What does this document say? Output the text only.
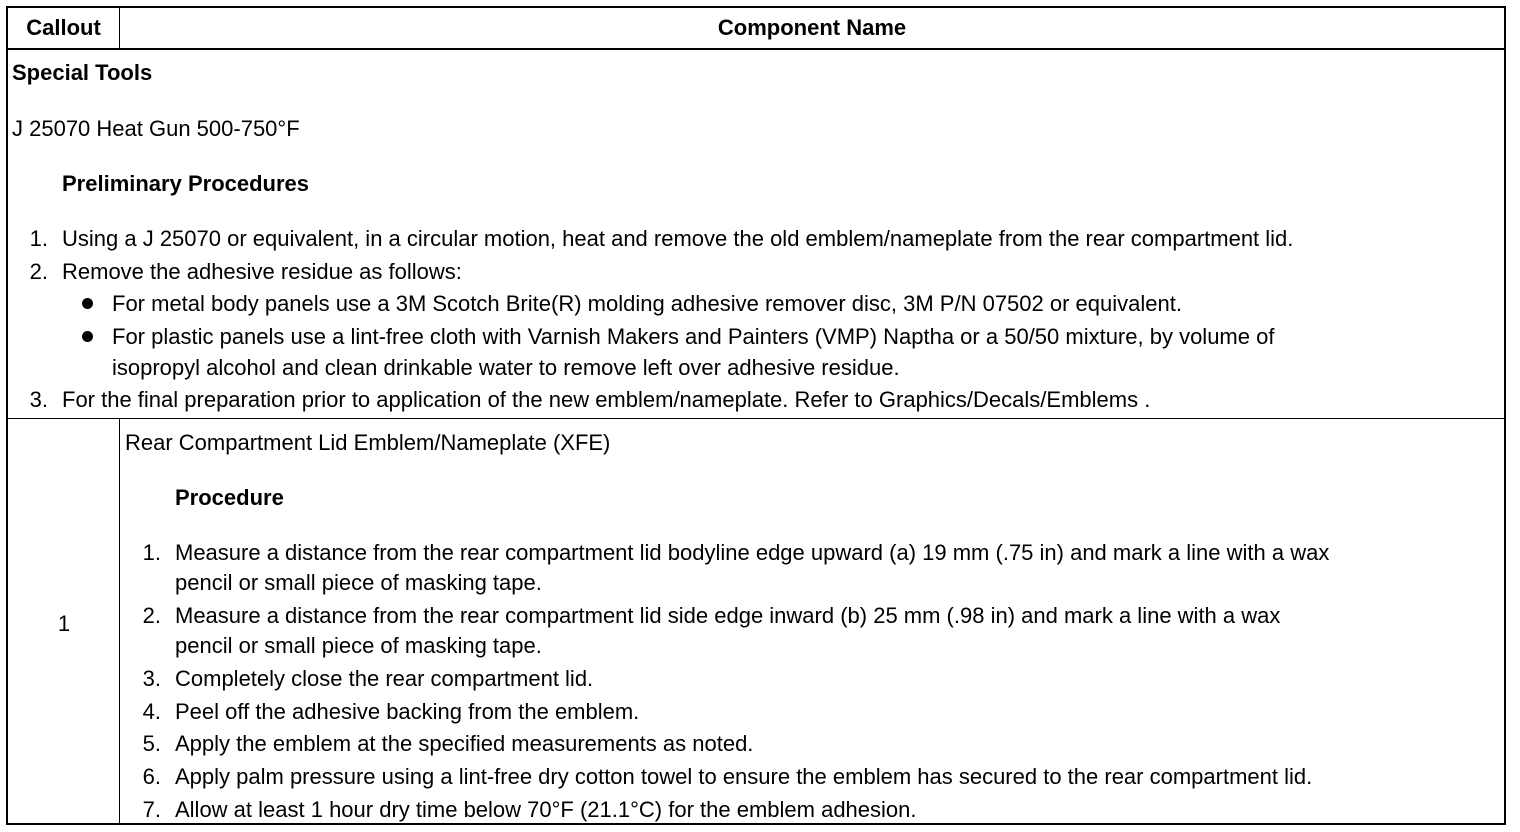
Callout	Component Name
Special Tools
J 25070 Heat Gun 500-750°F
Preliminary Procedures
1. Using a J 25070 or equivalent, in a circular motion, heat and remove the old emblem/nameplate from the rear compartment lid.
2. Remove the adhesive residue as follows:
For metal body panels use a 3M Scotch Brite(R) molding adhesive remover disc, 3M P/N 07502 or equivalent.
For plastic panels use a lint-free cloth with Varnish Makers and Painters (VMP) Naptha or a 50/50 mixture, by volume of
isopropyl alcohol and clean drinkable water to remove left over adhesive residue.
3. For the final preparation prior to application of the new emblem/nameplate. Refer to Graphics/Decals/Emblems .
1
Rear Compartment Lid Emblem/Nameplate (XFE)
Procedure
1. Measure a distance from the rear compartment lid bodyline edge upward (a) 19 mm (.75 in) and mark a line with a wax
pencil or small piece of masking tape.
2. Measure a distance from the rear compartment lid side edge inward (b) 25 mm (.98 in) and mark a line with a wax
pencil or small piece of masking tape.
3. Completely close the rear compartment lid.
4. Peel off the adhesive backing from the emblem.
5. Apply the emblem at the specified measurements as noted.
6. Apply palm pressure using a lint-free dry cotton towel to ensure the emblem has secured to the rear compartment lid.
7. Allow at least 1 hour dry time below 70°F (21.1°C) for the emblem adhesion.
